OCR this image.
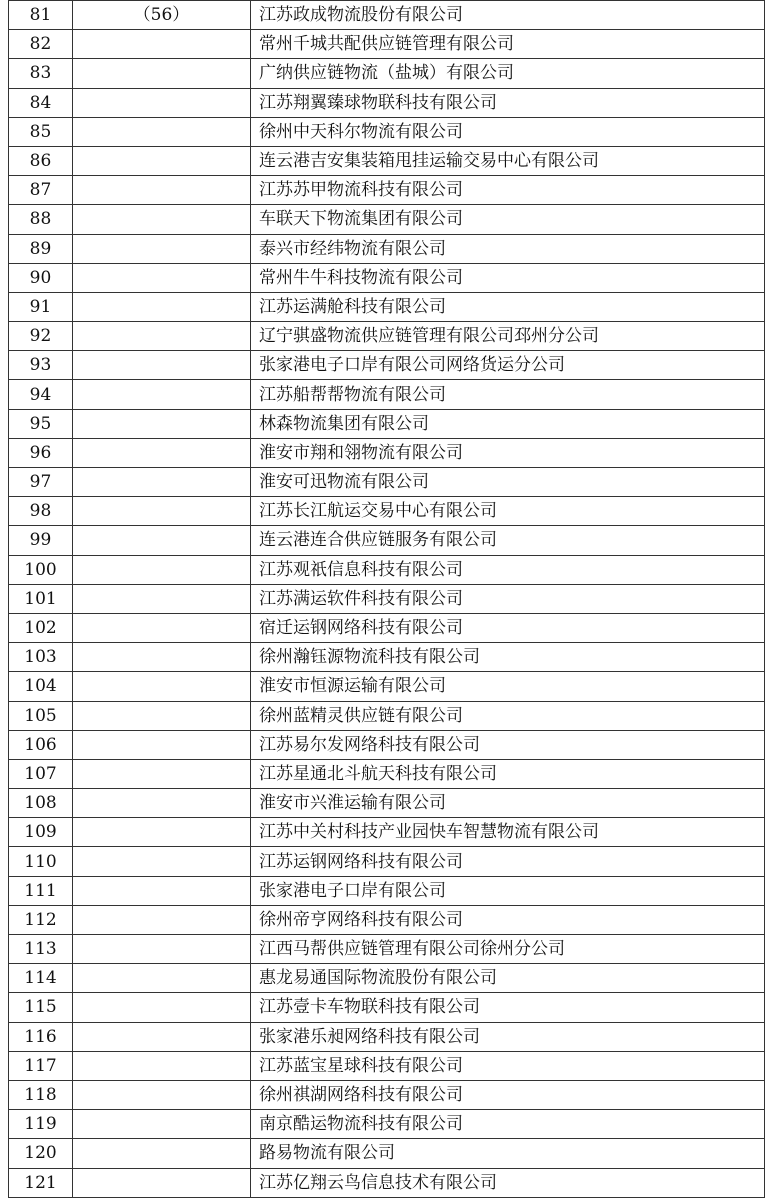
81	（56）	江苏政成物流股份有限公司
82		常州千城共配供应链管理有限公司
83		广纳供应链物流（盐城）有限公司
84		江苏翔翼臻球物联科技有限公司
85		徐州中天科尔物流有限公司
86		连云港吉安集装箱甩挂运输交易中心有限公司
87		江苏苏甲物流科技有限公司
88		车联天下物流集团有限公司
89		泰兴市经纬物流有限公司
90		常州牛牛科技物流有限公司
91		江苏运满舱科技有限公司
92		辽宁骐盛物流供应链管理有限公司邳州分公司
93		张家港电子口岸有限公司网络货运分公司
94		江苏船帮帮物流有限公司
95		林森物流集团有限公司
96		淮安市翔和翎物流有限公司
97		淮安可迅物流有限公司
98		江苏长江航运交易中心有限公司
99		连云港连合供应链服务有限公司
100		江苏观祇信息科技有限公司
101		江苏满运软件科技有限公司
102		宿迁运钢网络科技有限公司
103		徐州瀚钰源物流科技有限公司
104		淮安市恒源运输有限公司
105		徐州蓝精灵供应链有限公司
106		江苏易尔发网络科技有限公司
107		江苏星通北斗航天科技有限公司
108		淮安市兴淮运输有限公司
109		江苏中关村科技产业园快车智慧物流有限公司
110		江苏运钢网络科技有限公司
111		张家港电子口岸有限公司
112		徐州帝亨网络科技有限公司
113		江西马帮供应链管理有限公司徐州分公司
114		惠龙易通国际物流股份有限公司
115		江苏壹卡车物联科技有限公司
116		张家港乐昶网络科技有限公司
117		江苏蓝宝星球科技有限公司
118		徐州祺湖网络科技有限公司
119		南京酷运物流科技有限公司
120		路易物流有限公司
121		江苏亿翔云鸟信息技术有限公司
